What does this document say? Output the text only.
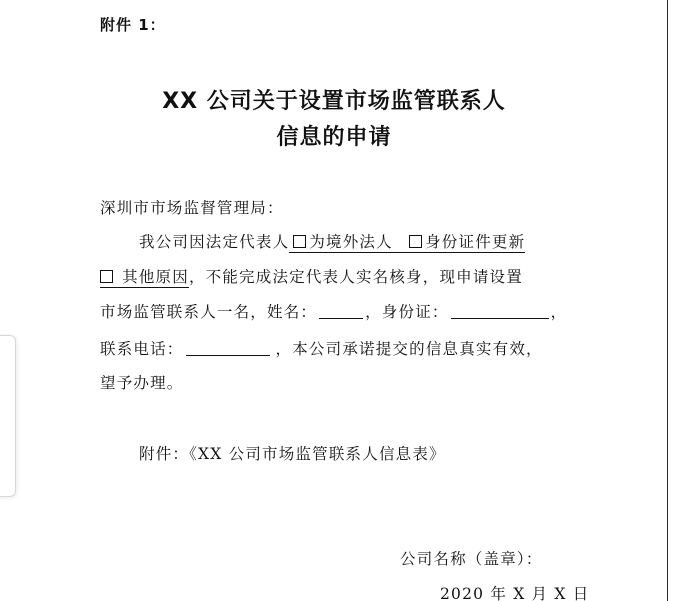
附件 1：
XX 公司关于设置市场监管联系人
信息的申请
深圳市市场监督管理局：
我公司因法定代表人 为境外法人 身份证件更新
其他原因，不能完成法定代表人实名核身，现申请设置
市场监管联系人一名，姓名：	，身份证：	，
联系电话：	，本公司承诺提交的信息真实有效，
望予办理。
附件：《XX 公司市场监管联系人信息表》
公司名称（盖章）：
2020 年 X 月 X 日
